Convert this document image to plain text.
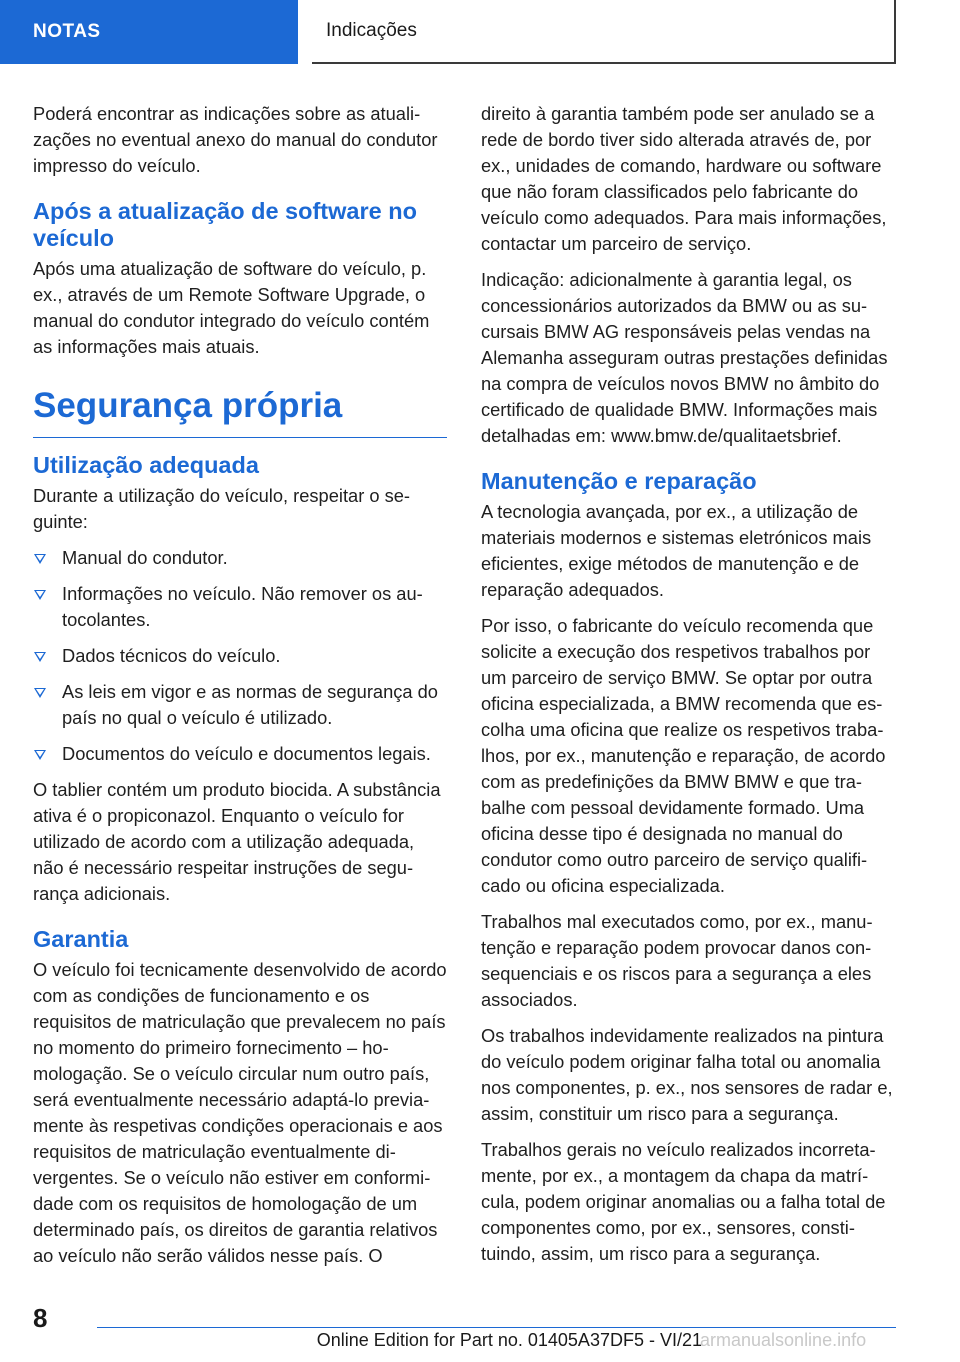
NOTAS	Indicações

Poderá encontrar as indicações sobre as atualizações no eventual anexo do manual do condutor impresso do veículo.

Após a atualização de software no veículo

Após uma atualização de software do veículo, p. ex., através de um Remote Software Upgrade, o manual do condutor integrado do veículo contém as informações mais atuais.

Segurança própria
Utilização adequada

Durante a utilização do veículo, respeitar o seguinte:

Manual do condutor.
Informações no veículo. Não remover os autocolantes.
Dados técnicos do veículo.
As leis em vigor e as normas de segurança do país no qual o veículo é utilizado.
Documentos do veículo e documentos legais.

O tablier contém um produto biocida. A substância ativa é o propiconazol. Enquanto o veículo for utilizado de acordo com a utilização adequada, não é necessário respeitar instruções de segurança adicionais.

Garantia

O veículo foi tecnicamente desenvolvido de acordo com as condições de funcionamento e os requisitos de matriculação que prevalecem no país no momento do primeiro fornecimento – homologação. Se o veículo circular num outro país, será eventualmente necessário adaptá-lo previamente às respetivas condições operacionais e aos requisitos de matriculação eventualmente divergentes. Se o veículo não estiver em conformidade com os requisitos de homologação de um determinado país, os direitos de garantia relativos ao veículo não serão válidos nesse país. O

direito à garantia também pode ser anulado se a rede de bordo tiver sido alterada através de, por ex., unidades de comando, hardware ou software que não foram classificados pelo fabricante do veículo como adequados. Para mais informações, contactar um parceiro de serviço.

Indicação: adicionalmente à garantia legal, os concessionários autorizados da BMW ou as sucursais BMW AG responsáveis pelas vendas na Alemanha asseguram outras prestações definidas na compra de veículos novos BMW no âmbito do certificado de qualidade BMW. Informações mais detalhadas em: www.bmw.de/qualitaetsbrief.

Manutenção e reparação

A tecnologia avançada, por ex., a utilização de materiais modernos e sistemas eletrónicos mais eficientes, exige métodos de manutenção e de reparação adequados.

Por isso, o fabricante do veículo recomenda que solicite a execução dos respetivos trabalhos por um parceiro de serviço BMW. Se optar por outra oficina especializada, a BMW recomenda que escolha uma oficina que realize os respetivos trabalhos, por ex., manutenção e reparação, de acordo com as predefinições da BMW BMW e que trabalhe com pessoal devidamente formado. Uma oficina desse tipo é designada no manual do condutor como outro parceiro de serviço qualificado ou oficina especializada.

Trabalhos mal executados como, por ex., manutenção e reparação podem provocar danos consequenciais e os riscos para a segurança a eles associados.

Os trabalhos indevidamente realizados na pintura do veículo podem originar falha total ou anomalia nos componentes, p. ex., nos sensores de radar e, assim, constituir um risco para a segurança.

Trabalhos gerais no veículo realizados incorretamente, por ex., a montagem da chapa da matrícula, podem originar anomalias ou a falha total de componentes como, por ex., sensores, constituindo, assim, um risco para a segurança.

8
Online Edition for Part no. 01405A37DF5 - VI/21
armanualsonline.info
